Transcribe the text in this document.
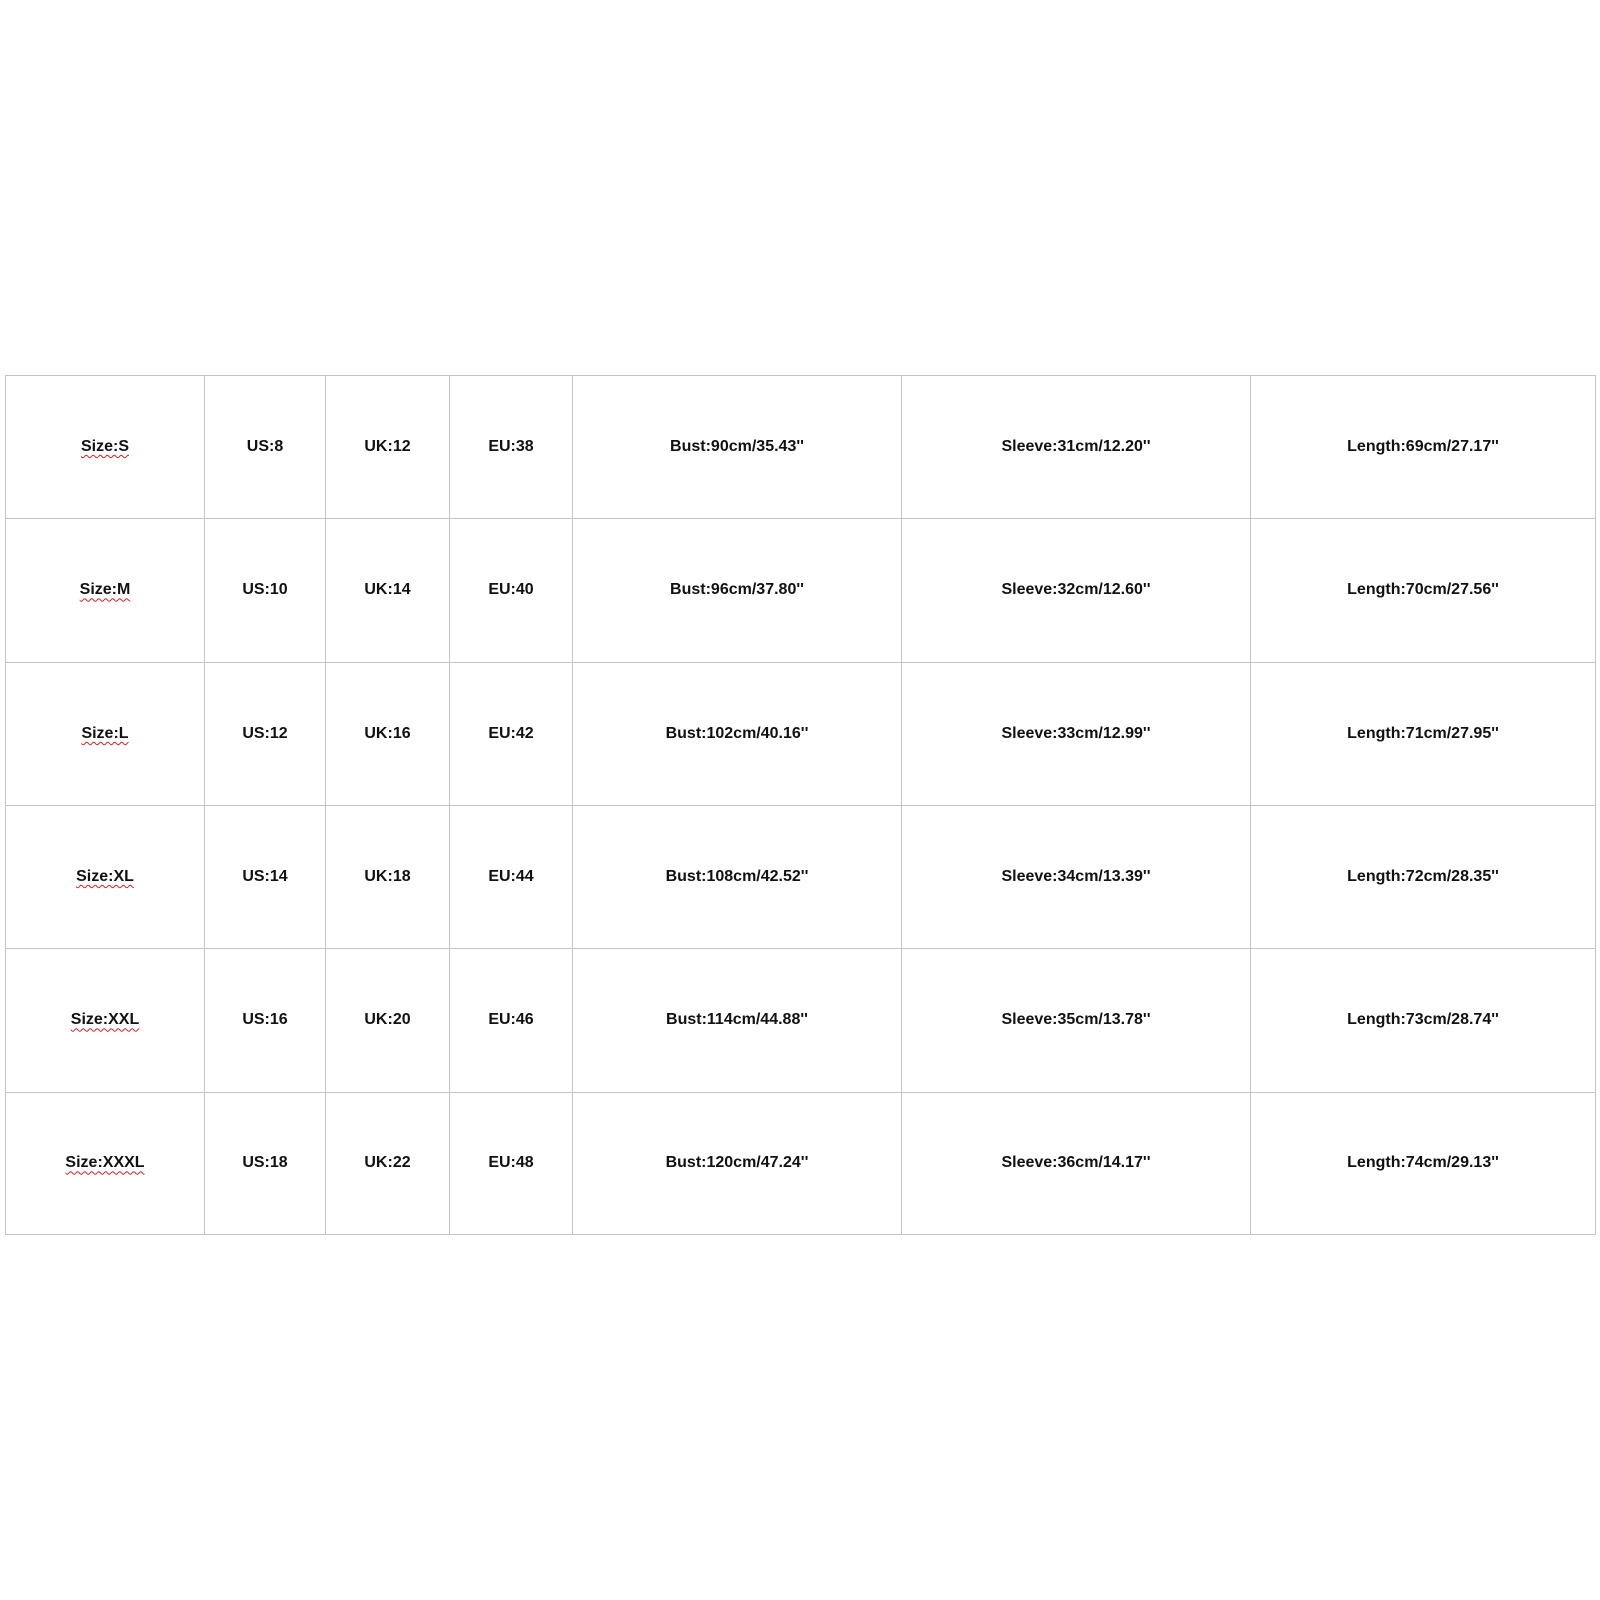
Size:S	US:8	UK:12	EU:38	Bust:90cm/35.43''	Sleeve:31cm/12.20''	Length:69cm/27.17''
Size:M	US:10	UK:14	EU:40	Bust:96cm/37.80''	Sleeve:32cm/12.60''	Length:70cm/27.56''
Size:L	US:12	UK:16	EU:42	Bust:102cm/40.16''	Sleeve:33cm/12.99''	Length:71cm/27.95''
Size:XL	US:14	UK:18	EU:44	Bust:108cm/42.52''	Sleeve:34cm/13.39''	Length:72cm/28.35''
Size:XXL	US:16	UK:20	EU:46	Bust:114cm/44.88''	Sleeve:35cm/13.78''	Length:73cm/28.74''
Size:XXXL	US:18	UK:22	EU:48	Bust:120cm/47.24''	Sleeve:36cm/14.17''	Length:74cm/29.13''
